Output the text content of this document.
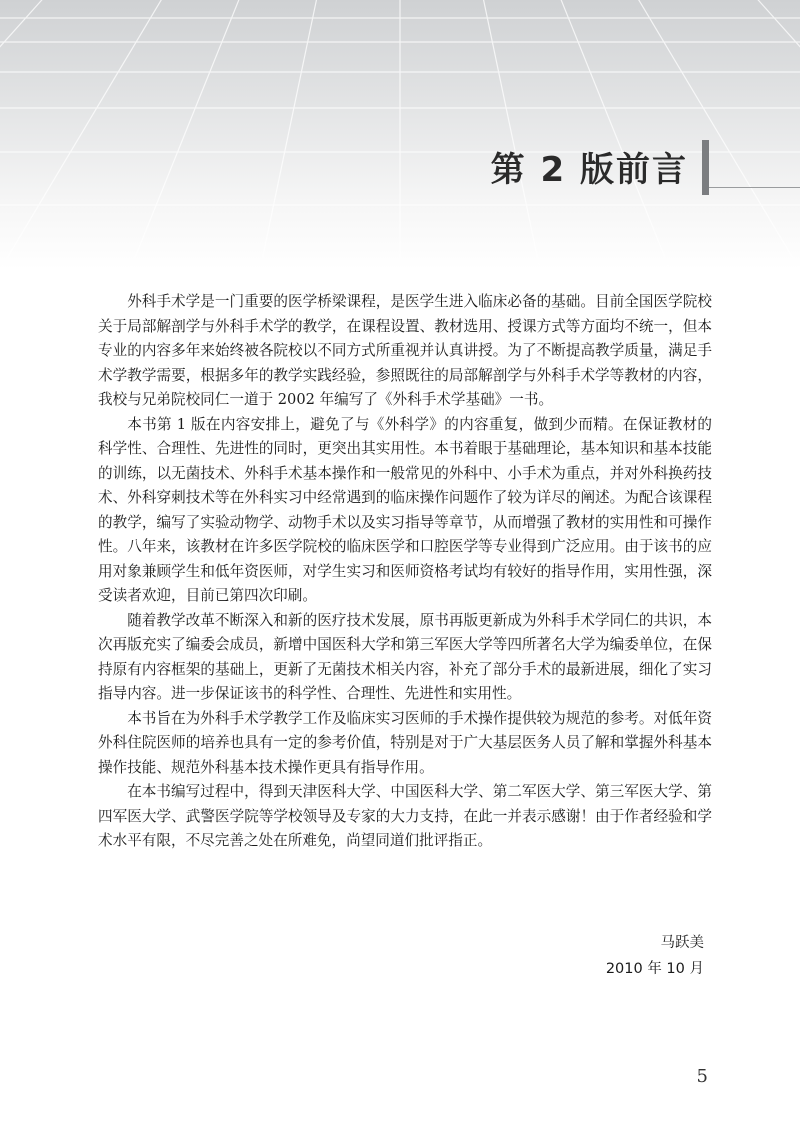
第 2 版前言

外科手术学是一门重要的医学桥梁课程，是医学生进入临床必备的基础。目前全国医学院校关于局部解剖学与外科手术学的教学，在课程设置、教材选用、授课方式等方面均不统一，但本专业的内容多年来始终被各院校以不同方式所重视并认真讲授。为了不断提高教学质量，满足手术学教学需要，根据多年的教学实践经验，参照既往的局部解剖学与外科手术学等教材的内容，我校与兄弟院校同仁一道于 2002 年编写了《外科手术学基础》一书。

本书第 1 版在内容安排上，避免了与《外科学》的内容重复，做到少而精。在保证教材的科学性、合理性、先进性的同时，更突出其实用性。本书着眼于基础理论，基本知识和基本技能的训练，以无菌技术、外科手术基本操作和一般常见的外科中、小手术为重点，并对外科换药技术、外科穿刺技术等在外科实习中经常遇到的临床操作问题作了较为详尽的阐述。为配合该课程的教学，编写了实验动物学、动物手术以及实习指导等章节，从而增强了教材的实用性和可操作性。八年来，该教材在许多医学院校的临床医学和口腔医学等专业得到广泛应用。由于该书的应用对象兼顾学生和低年资医师，对学生实习和医师资格考试均有较好的指导作用，实用性强，深受读者欢迎，目前已第四次印刷。

随着教学改革不断深入和新的医疗技术发展，原书再版更新成为外科手术学同仁的共识，本次再版充实了编委会成员，新增中国医科大学和第三军医大学等四所著名大学为编委单位，在保持原有内容框架的基础上，更新了无菌技术相关内容，补充了部分手术的最新进展，细化了实习指导内容。进一步保证该书的科学性、合理性、先进性和实用性。

本书旨在为外科手术学教学工作及临床实习医师的手术操作提供较为规范的参考。对低年资外科住院医师的培养也具有一定的参考价值，特别是对于广大基层医务人员了解和掌握外科基本操作技能、规范外科基本技术操作更具有指导作用。

在本书编写过程中，得到天津医科大学、中国医科大学、第二军医大学、第三军医大学、第四军医大学、武警医学院等学校领导及专家的大力支持，在此一并表示感谢！由于作者经验和学术水平有限，不尽完善之处在所难免，尚望同道们批评指正。

马跃美
2010 年 10 月
5
